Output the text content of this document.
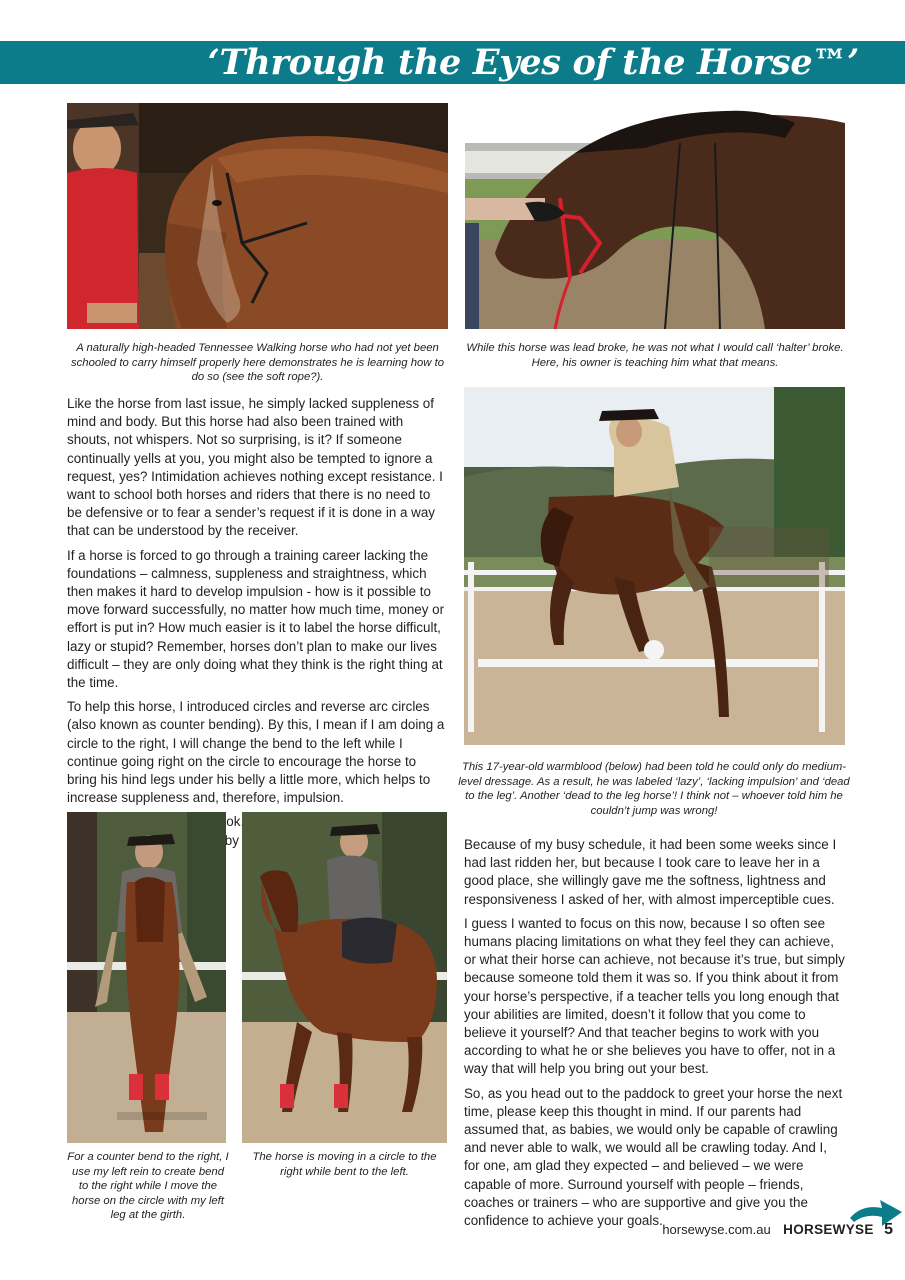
‘Through the Eyes of the Horse™’
A naturally high-headed Tennessee Walking horse who had not yet been schooled to carry himself properly here demonstrates he is learning how to do so (see the soft rope?).
While this horse was lead broke, he was not what I would call ‘halter’ broke. Here, his owner is teaching him what that means.

Like the horse from last issue, he simply lacked suppleness of mind and body. But this horse had also been trained with shouts, not whispers. Not so surprising, is it? If someone continually yells at you, you might also be tempted to ignore a request, yes? Intimidation achieves nothing except resistance. I want to school both horses and riders that there is no need to be defensive or to fear a sender’s request if it is done in a way that can be understood by the receiver.

If a horse is forced to go through a training career lacking the foundations – calmness, suppleness and straightness, which then makes it hard to develop impulsion - how is it possible to move forward successfully, no matter how much time, money or effort is put in? How much easier is it to label the horse difficult, lazy or stupid? Remember, horses don’t plan to make our lives difficult – they are only doing what they think is the right thing at the time.

To help this horse, I introduced circles and reverse arc circles (also known as counter bending). By this, I mean if I am doing a circle to the right, I will change the bend to the left while I continue going right on the circle to encourage the horse to bring his hind legs under his belly a little more, which helps to increase suppleness and, therefore, impulsion.

by

This 17-year-old warmblood (below) had been told he could only do medium-level dressage. As a result, he was labeled ‘lazy’, ‘lacking impulsion’ and ‘dead to the leg’. Another ‘dead to the leg horse’! I think not – whoever told him he couldn’t jump was wrong!
For a counter bend to the right, I use my left rein to create bend to the right while I move the horse on the circle with my left leg at the girth.
The horse is moving in a circle to the right while bent to the left.

Because of my busy schedule, it had been some weeks since I had last ridden her, but because I took care to leave her in a good place, she willingly gave me the softness, lightness and responsiveness I asked of her, with almost imperceptible cues.

I guess I wanted to focus on this now, because I so often see humans placing limitations on what they feel they can achieve, or what their horse can achieve, not because it’s true, but simply because someone told them it was so. If you think about it from your horse’s perspective, if a teacher tells you long enough that your abilities are limited, doesn’t it follow that you come to believe it yourself? And that teacher begins to work with you according to what he or she believes you have to offer, not in a way that will help you bring out your best.

So, as you head out to the paddock to greet your horse the next time, please keep this thought in mind. If our parents had assumed that, as babies, we would only be capable of crawling and never able to walk, we would all be crawling today. And I, for one, am glad they expected – and believed – we were capable of more. Surround yourself with people – friends, coaches or trainers – who are supportive and give you the confidence to achieve your goals.

horsewyse.com.au HORSEWYSE 5
